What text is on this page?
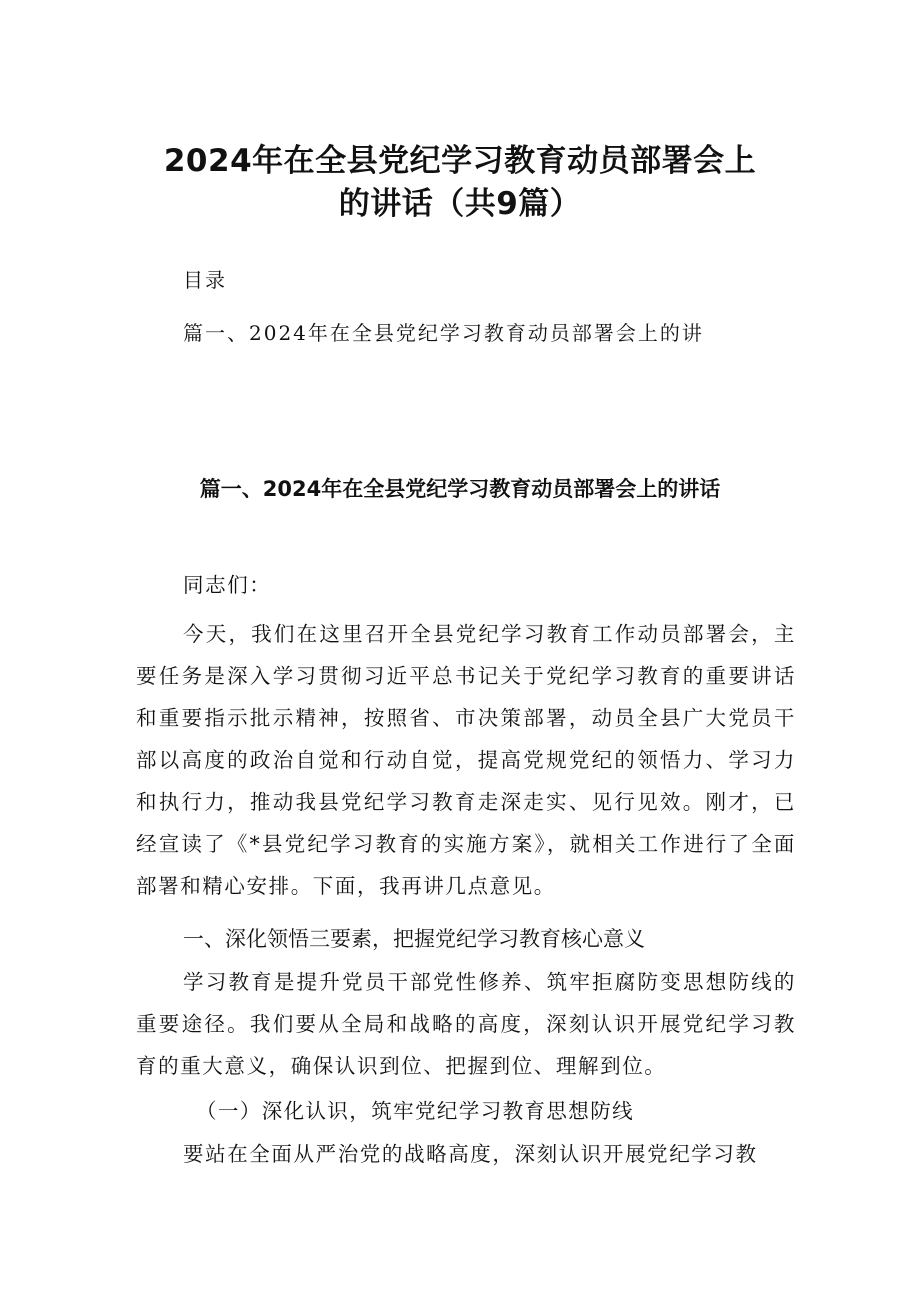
2024年在全县党纪学习教育动员部署会上
的讲话（共9篇）
目录
篇一、2024年在全县党纪学习教育动员部署会上的讲
篇一、2024年在全县党纪学习教育动员部署会上的讲话

同志们：

今天，我们在这里召开全县党纪学习教育工作动员部署会，主要任务是深入学习贯彻习近平总书记关于党纪学习教育的重要讲话和重要指示批示精神，按照省、市决策部署，动员全县广大党员干部以高度的政治自觉和行动自觉，提高党规党纪的领悟力、学习力和执行力，推动我县党纪学习教育走深走实、见行见效。刚才，已经宣读了《*县党纪学习教育的实施方案》，就相关工作进行了全面部署和精心安排。下面，我再讲几点意见。

一、深化领悟三要素，把握党纪学习教育核心意义

学习教育是提升党员干部党性修养、筑牢拒腐防变思想防线的重要途径。我们要从全局和战略的高度，深刻认识开展党纪学习教育的重大意义，确保认识到位、把握到位、理解到位。

（一）深化认识，筑牢党纪学习教育思想防线

要站在全面从严治党的战略高度，深刻认识开展党纪学习教
